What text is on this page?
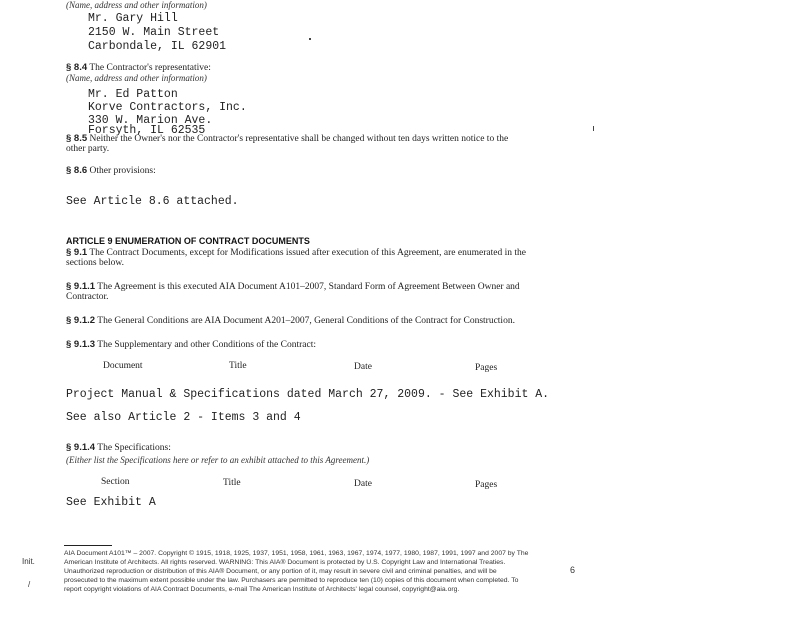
(Name, address and other information)
Mr. Gary Hill
2150 W. Main Street
Carbondale, IL 62901
§ 8.4 The Contractor's representative:
(Name, address and other information)
Mr. Ed Patton
Korve Contractors, Inc.
330 W. Marion Ave.
Forsyth, IL 62535
§ 8.5 Neither the Owner's nor the Contractor's representative shall be changed without ten days written notice to the
other party.
§ 8.6 Other provisions:
See Article 8.6 attached.
ARTICLE 9 ENUMERATION OF CONTRACT DOCUMENTS
§ 9.1 The Contract Documents, except for Modifications issued after execution of this Agreement, are enumerated in the
sections below.
§ 9.1.1 The Agreement is this executed AIA Document A101–2007, Standard Form of Agreement Between Owner and
Contractor.
§ 9.1.2 The General Conditions are AIA Document A201–2007, General Conditions of the Contract for Construction.
§ 9.1.3 The Supplementary and other Conditions of the Contract:
Document	Title	Date	Pages
Project Manual & Specifications dated March 27, 2009. - See Exhibit A.
See also Article 2 - Items 3 and 4
§ 9.1.4 The Specifications:
(Either list the Specifications here or refer to an exhibit attached to this Agreement.)
Section	Title	Date	Pages
See Exhibit A
Init.
/
6
AIA Document A101™ – 2007. Copyright © 1915, 1918, 1925, 1937, 1951, 1958, 1961, 1963, 1967, 1974, 1977, 1980, 1987, 1991, 1997 and 2007 by The
American Institute of Architects. All rights reserved. WARNING: This AIA® Document is protected by U.S. Copyright Law and International Treaties.
Unauthorized reproduction or distribution of this AIA® Document, or any portion of it, may result in severe civil and criminal penalties, and will be
prosecuted to the maximum extent possible under the law. Purchasers are permitted to reproduce ten (10) copies of this document when completed. To
report copyright violations of AIA Contract Documents, e-mail The American Institute of Architects' legal counsel, copyright@aia.org.
